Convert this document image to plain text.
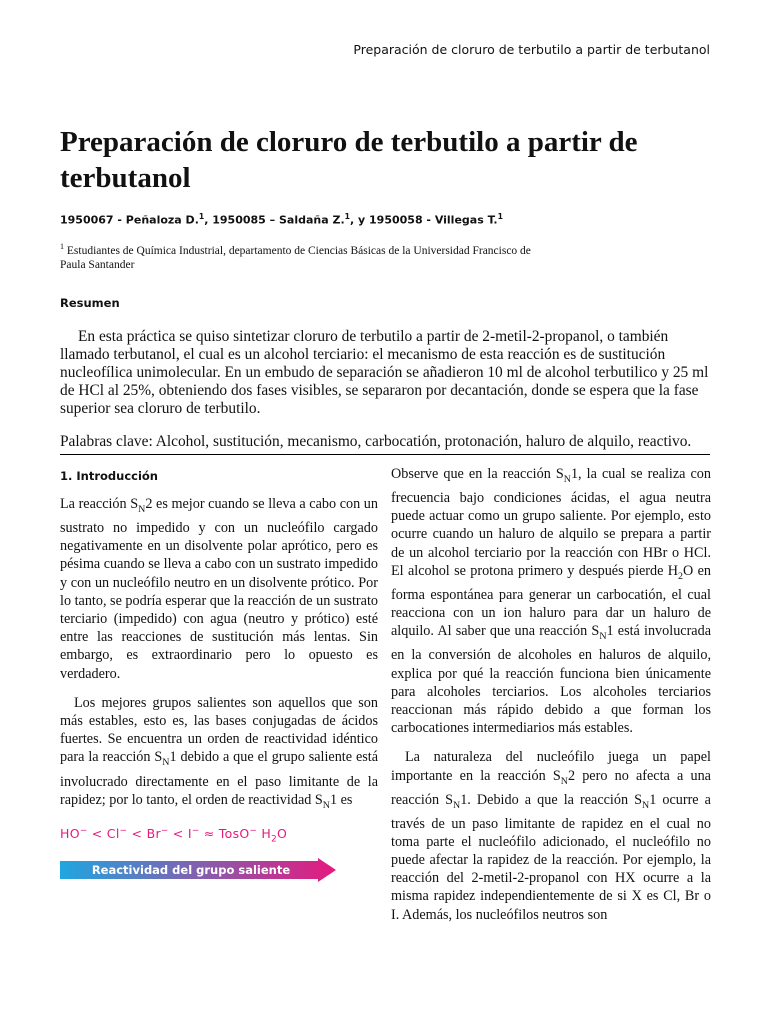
Preparación de cloruro de terbutilo a partir de terbutanol
Preparación de cloruro de terbutilo a partir de terbutanol
1950067 - Peñaloza D.$^1$, 1950085 – Saldaña Z.$^1$, y 1950058 - Villegas T.$^1$
$^1$ Estudiantes de Química Industrial, departamento de Ciencias Básicas de la Universidad Francisco de Paula Santander
Resumen

En esta práctica se quiso sintetizar cloruro de terbutilo a partir de 2-metil-2-propanol, o también llamado terbutanol, el cual es un alcohol terciario: el mecanismo de esta reacción es de sustitución nucleofílica unimolecular. En un embudo de separación se añadieron 10 ml de alcohol terbutilico y 25 ml de HCl al 25%, obteniendo dos fases visibles, se separaron por decantación, donde se espera que la fase superior sea cloruro de terbutilo.

Palabras clave: Alcohol, sustitución, mecanismo, carbocatión, protonación, haluro de alquilo, reactivo.
1. Introducción

La reacción $S_N2$ es mejor cuando se lleva a cabo con un sustrato no impedido y con un nucleófilo cargado negativamente en un disolvente polar aprótico, pero es pésima cuando se lleva a cabo con un sustrato impedido y con un nucleófilo neutro en un disolvente prótico. Por lo tanto, se podría esperar que la reacción de un sustrato terciario (impedido) con agua (neutro y prótico) esté entre las reacciones de sustitución más lentas. Sin embargo, es extraordinario pero lo opuesto es verdadero.

Los mejores grupos salientes son aquellos que son más estables, esto es, las bases conjugadas de ácidos fuertes. Se encuentra un orden de reactividad idéntico para la reacción $S_N1$ debido a que el grupo saliente está involucrado directamente en el paso limitante de la rapidez; por lo tanto, el orden de reactividad $S_N1$ es

HO− < Cl− < Br− < I− ≈ TosO− $H_2O$
Reactividad del grupo saliente

Observe que en la reacción $S_N1$, la cual se realiza con frecuencia bajo condiciones ácidas, el agua neutra puede actuar como un grupo saliente. Por ejemplo, esto ocurre cuando un haluro de alquilo se prepara a partir de un alcohol terciario por la reacción con HBr o HCl. El alcohol se protona primero y después pierde $H_2O$ en forma espontánea para generar un carbocatión, el cual reacciona con un ion haluro para dar un haluro de alquilo. Al saber que una reacción $S_N1$ está involucrada en la conversión de alcoholes en haluros de alquilo, explica por qué la reacción funciona bien únicamente para alcoholes terciarios. Los alcoholes terciarios reaccionan más rápido debido a que forman los carbocationes intermediarios más estables.

La naturaleza del nucleófilo juega un papel importante en la reacción $S_N2$ pero no afecta a una reacción $S_N1$. Debido a que la reacción $S_N1$ ocurre a través de un paso limitante de rapidez en el cual no toma parte el nucleófilo adicionado, el nucleófilo no puede afectar la rapidez de la reacción. Por ejemplo, la reacción del 2-metil-2-propanol con HX ocurre a la misma rapidez independientemente de si X es Cl, Br o I. Además, los nucleófilos neutros son
